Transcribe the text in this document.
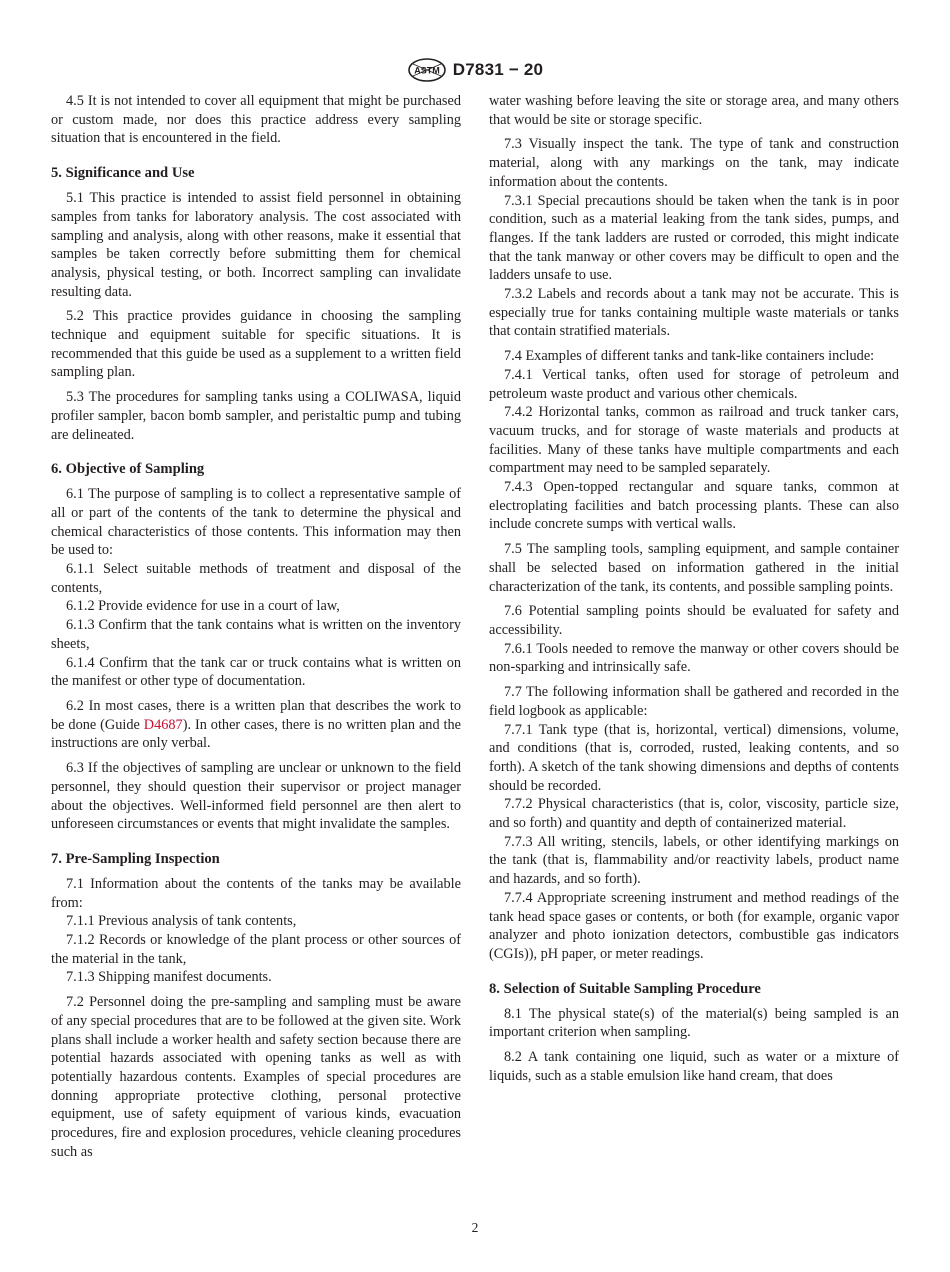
ASTM D7831 − 20

4.5 It is not intended to cover all equipment that might be purchased or custom made, nor does this practice address every sampling situation that is encountered in the field.

5. Significance and Use

5.1 This practice is intended to assist field personnel in obtaining samples from tanks for laboratory analysis. The cost associated with sampling and analysis, along with other reasons, make it essential that samples be taken correctly before submitting them for chemical analysis, physical testing, or both. Incorrect sampling can invalidate resulting data.

5.2 This practice provides guidance in choosing the sampling technique and equipment suitable for specific situations. It is recommended that this guide be used as a supplement to a written field sampling plan.

5.3 The procedures for sampling tanks using a COLIWASA, liquid profiler sampler, bacon bomb sampler, and peristaltic pump and tubing are delineated.

6. Objective of Sampling

6.1 The purpose of sampling is to collect a representative sample of all or part of the contents of the tank to determine the physical and chemical characteristics of those contents. This information may then be used to:

6.1.1 Select suitable methods of treatment and disposal of the contents,

6.1.2 Provide evidence for use in a court of law,

6.1.3 Confirm that the tank contains what is written on the inventory sheets,

6.1.4 Confirm that the tank car or truck contains what is written on the manifest or other type of documentation.

6.2 In most cases, there is a written plan that describes the work to be done (Guide D4687). In other cases, there is no written plan and the instructions are only verbal.

6.3 If the objectives of sampling are unclear or unknown to the field personnel, they should question their supervisor or project manager about the objectives. Well-informed field personnel are then alert to unforeseen circumstances or events that might invalidate the samples.

7. Pre-Sampling Inspection

7.1 Information about the contents of the tanks may be available from:

7.1.1 Previous analysis of tank contents,

7.1.2 Records or knowledge of the plant process or other sources of the material in the tank,

7.1.3 Shipping manifest documents.

7.2 Personnel doing the pre-sampling and sampling must be aware of any special procedures that are to be followed at the given site. Work plans shall include a worker health and safety section because there are potential hazards associated with opening tanks as well as with potentially hazardous contents. Examples of special procedures are donning appropriate protective clothing, personal protective equipment, use of safety equipment of various kinds, evacuation procedures, fire and explosion procedures, vehicle cleaning procedures such as

water washing before leaving the site or storage area, and many others that would be site or storage specific.

7.3 Visually inspect the tank. The type of tank and construction material, along with any markings on the tank, may indicate information about the contents.

7.3.1 Special precautions should be taken when the tank is in poor condition, such as a material leaking from the tank sides, pumps, and flanges. If the tank ladders are rusted or corroded, this might indicate that the tank manway or other covers may be difficult to open and the ladders unsafe to use.

7.3.2 Labels and records about a tank may not be accurate. This is especially true for tanks containing multiple waste materials or tanks that contain stratified materials.

7.4 Examples of different tanks and tank-like containers include:

7.4.1 Vertical tanks, often used for storage of petroleum and petroleum waste product and various other chemicals.

7.4.2 Horizontal tanks, common as railroad and truck tanker cars, vacuum trucks, and for storage of waste materials and products at facilities. Many of these tanks have multiple compartments and each compartment may need to be sampled separately.

7.4.3 Open-topped rectangular and square tanks, common at electroplating facilities and batch processing plants. These can also include concrete sumps with vertical walls.

7.5 The sampling tools, sampling equipment, and sample container shall be selected based on information gathered in the initial characterization of the tank, its contents, and possible sampling points.

7.6 Potential sampling points should be evaluated for safety and accessibility.

7.6.1 Tools needed to remove the manway or other covers should be non-sparking and intrinsically safe.

7.7 The following information shall be gathered and recorded in the field logbook as applicable:

7.7.1 Tank type (that is, horizontal, vertical) dimensions, volume, and conditions (that is, corroded, rusted, leaking contents, and so forth). A sketch of the tank showing dimensions and depths of contents should be recorded.

7.7.2 Physical characteristics (that is, color, viscosity, particle size, and so forth) and quantity and depth of containerized material.

7.7.3 All writing, stencils, labels, or other identifying markings on the tank (that is, flammability and/or reactivity labels, product name and hazards, and so forth).

7.7.4 Appropriate screening instrument and method readings of the tank head space gases or contents, or both (for example, organic vapor analyzer and photo ionization detectors, combustible gas indicators (CGIs)), pH paper, or meter readings.

8. Selection of Suitable Sampling Procedure

8.1 The physical state(s) of the material(s) being sampled is an important criterion when sampling.

8.2 A tank containing one liquid, such as water or a mixture of liquids, such as a stable emulsion like hand cream, that does

2
